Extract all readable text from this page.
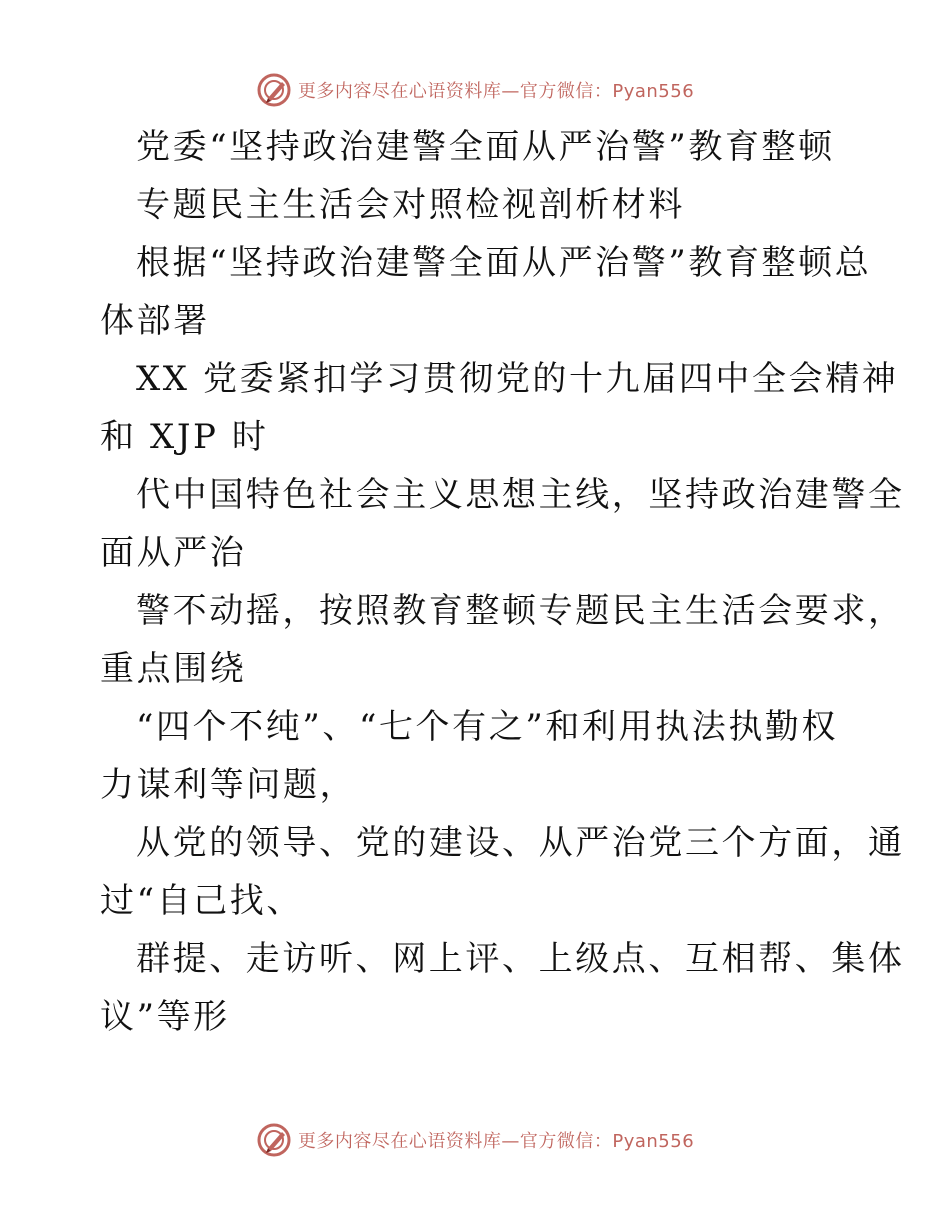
更多内容尽在心语资料库—官方微信：Pyan556
党委“坚持政治建警全面从严治警”教育整顿
专题民主生活会对照检视剖析材料
根据“坚持政治建警全面从严治警”教育整顿总
体部署
XX 党委紧扣学习贯彻党的十九届四中全会精神
和 XJP 时
代中国特色社会主义思想主线，坚持政治建警全
面从严治
警不动摇，按照教育整顿专题民主生活会要求，
重点围绕
“四个不纯”、“七个有之”和利用执法执勤权
力谋利等问题，
从党的领导、党的建设、从严治党三个方面，通
过“自己找、
群提、走访听、网上评、上级点、互相帮、集体
议”等形
更多内容尽在心语资料库—官方微信：Pyan556
